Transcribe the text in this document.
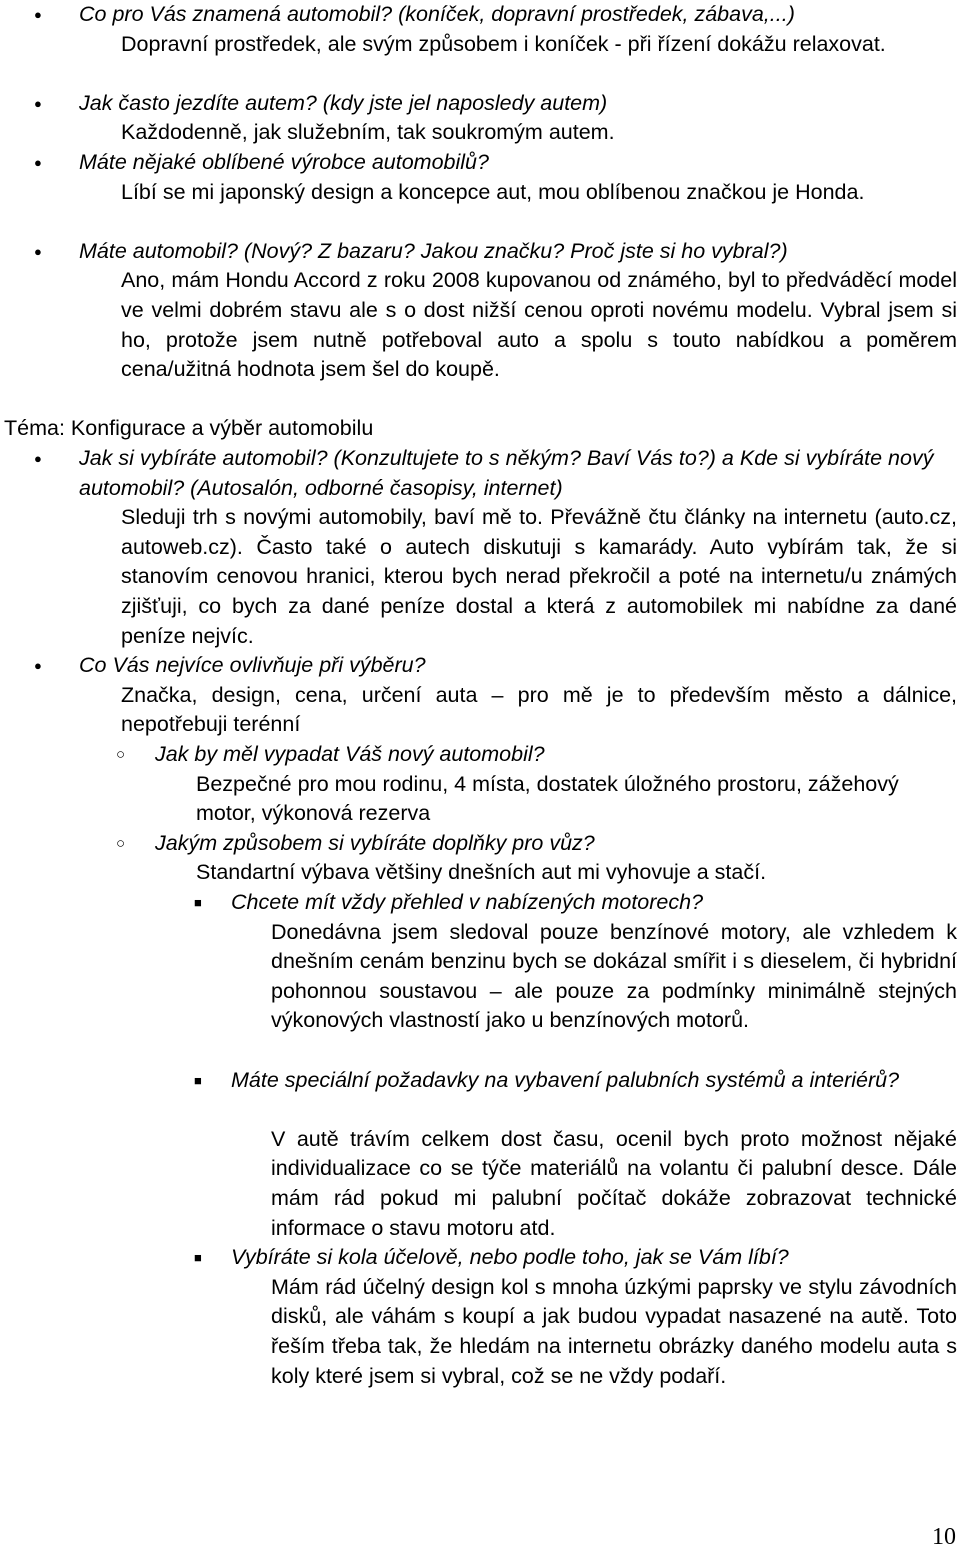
●
Co pro Vás znamená automobil? (koníček, dopravní prostředek, zábava,...)
Dopravní prostředek, ale svým způsobem i koníček - při řízení dokážu relaxovat.
●
Jak často jezdíte autem? (kdy jste jel naposledy autem)
Každodenně, jak služebním, tak soukromým autem.
●
Máte nějaké oblíbené výrobce automobilů?
Líbí se mi japonský design a koncepce aut, mou oblíbenou značkou je Honda.
●
Máte automobil? (Nový? Z bazaru? Jakou značku? Proč jste si ho vybral?)
Ano, mám Hondu Accord z roku 2008 kupovanou od známého, byl to předváděcí model ve velmi dobrém stavu ale s o dost nižší cenou oproti novému modelu. Vybral jsem si ho, protože jsem nutně potřeboval auto a spolu s touto nabídkou a poměrem cena/užitná hodnota jsem šel do koupě.
Téma: Konfigurace a výběr automobilu
●
Jak si vybíráte automobil? (Konzultujete to s někým? Baví Vás to?) a Kde si vybíráte nový automobil? (Autosalón, odborné časopisy, internet)
Sleduji trh s novými automobily, baví mě to. Převážně čtu články na internetu (auto.cz, autoweb.cz). Často také o autech diskutuji s kamarády. Auto vybírám tak, že si stanovím cenovou hranici, kterou bych nerad překročil a poté na internetu/u známých zjišťuji, co bych za dané peníze dostal a která z automobilek mi nabídne za dané peníze nejvíc.
●
Co Vás nejvíce ovlivňuje při výběru?
Značka, design, cena, určení auta – pro mě je to především město a dálnice, nepotřebuji terénní
○
Jak by měl vypadat Váš nový automobil?
Bezpečné pro mou rodinu, 4 místa, dostatek úložného prostoru, zážehový motor, výkonová rezerva
○
Jakým způsobem si vybíráte doplňky pro vůz?
Standartní výbava většiny dnešních aut mi vyhovuje a stačí.
■
Chcete mít vždy přehled v nabízených motorech?
Donedávna jsem sledoval pouze benzínové motory, ale vzhledem k dnešním cenám benzinu bych se dokázal smířit i s dieselem, či hybridní pohonnou soustavou – ale pouze za podmínky minimálně stejných výkonových vlastností jako u benzínových motorů.
■
Máte speciální požadavky na vybavení palubních systémů a interiérů?
V autě trávím celkem dost času, ocenil bych proto možnost nějaké individualizace co se týče materiálů na volantu či palubní desce. Dále mám rád pokud mi palubní počítač dokáže zobrazovat technické informace o stavu motoru atd.
■
Vybíráte si kola účelově, nebo podle toho, jak se Vám líbí?
Mám rád účelný design kol s mnoha úzkými paprsky ve stylu závodních disků, ale váhám s koupí a jak budou vypadat nasazené na autě. Toto řeším třeba tak, že hledám na internetu obrázky daného modelu auta s koly které jsem si vybral, což se ne vždy podaří.
10
